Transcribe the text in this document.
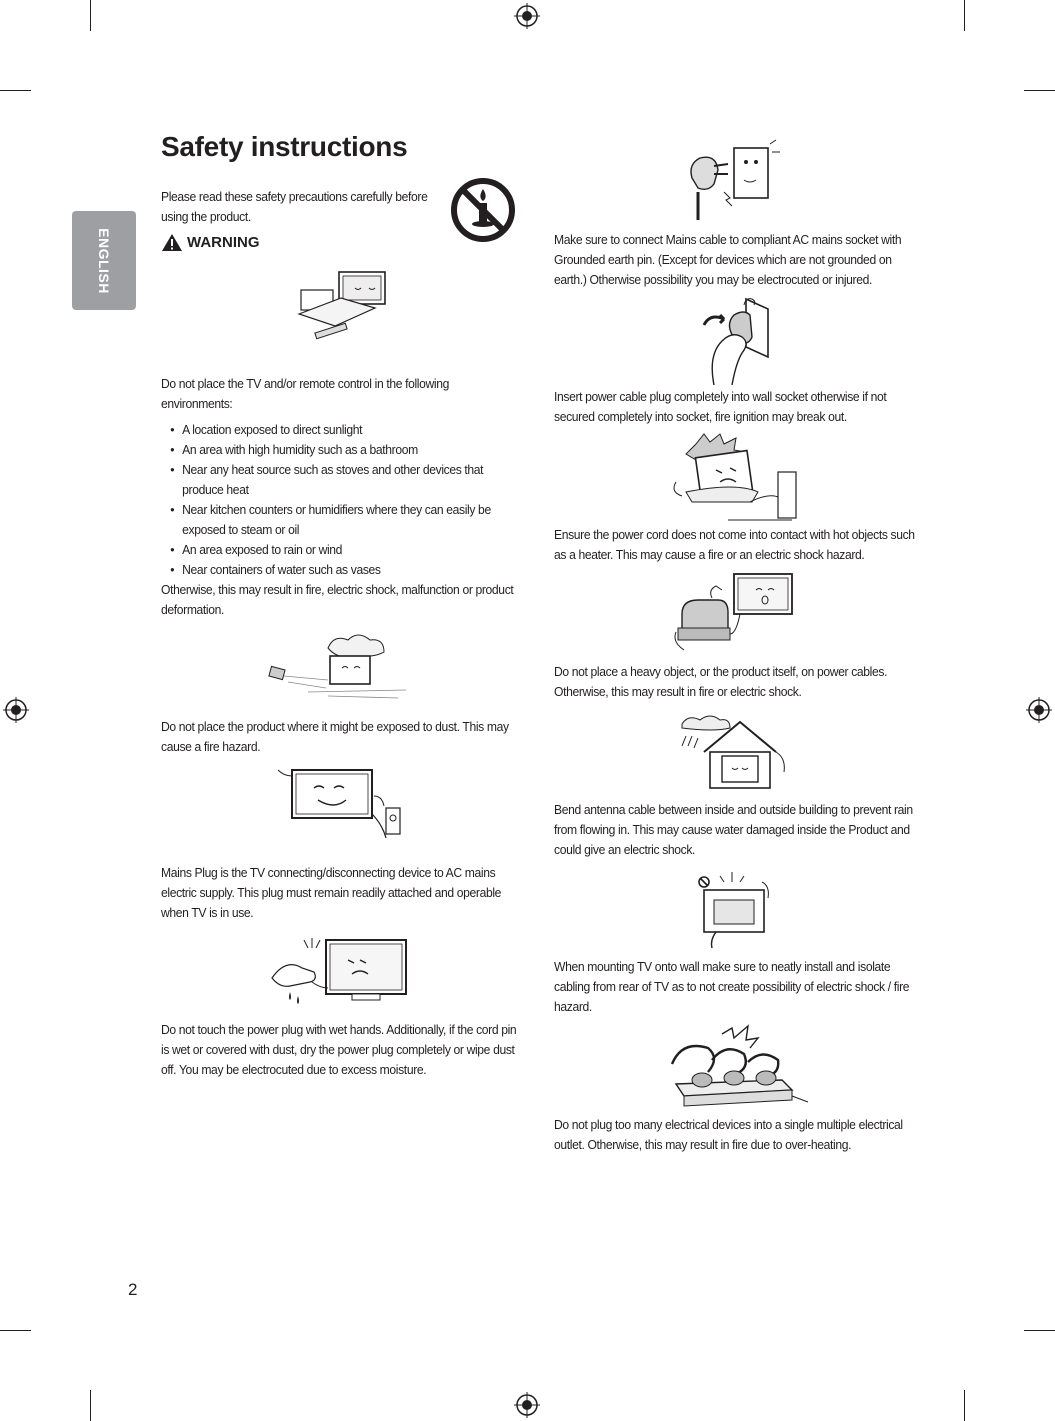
ENGLISH
Safety instructions
Please read these safety precautions carefully before
using the product.
WARNING
Do not place the TV and/or remote control in the following
environments:
• A location exposed to direct sunlight
• An area with high humidity such as a bathroom
• Near any heat source such as stoves and other devices that produce heat
• Near kitchen counters or humidifiers where they can easily be exposed to steam or oil
• An area exposed to rain or wind
• Near containers of water such as vases
Otherwise, this may result in fire, electric shock, malfunction or product deformation.
Do not place the product where it might be exposed to dust. This may cause a fire hazard.
Mains Plug is the TV connecting/disconnecting device to AC mains electric supply. This plug must remain readily attached and operable when TV is in use.
Do not touch the power plug with wet hands. Additionally, if the cord pin is wet or covered with dust, dry the power plug completely or wipe dust off. You may be electrocuted due to excess moisture.
Make sure to connect Mains cable to compliant AC mains socket with Grounded earth pin. (Except for devices which are not grounded on earth.) Otherwise possibility you may be electrocuted or injured.
Insert power cable plug completely into wall socket otherwise if not secured completely into socket, fire ignition may break out.
Ensure the power cord does not come into contact with hot objects such as a heater. This may cause a fire or an electric shock hazard.
Do not place a heavy object, or the product itself, on power cables. Otherwise, this may result in fire or electric shock.
Bend antenna cable between inside and outside building to prevent rain from flowing in. This may cause water damaged inside the Product and could give an electric shock.
When mounting TV onto wall make sure to neatly install and isolate cabling from rear of TV as to not create possibility of electric shock / fire hazard.
Do not plug too many electrical devices into a single multiple electrical outlet. Otherwise, this may result in fire due to over-heating.
2
